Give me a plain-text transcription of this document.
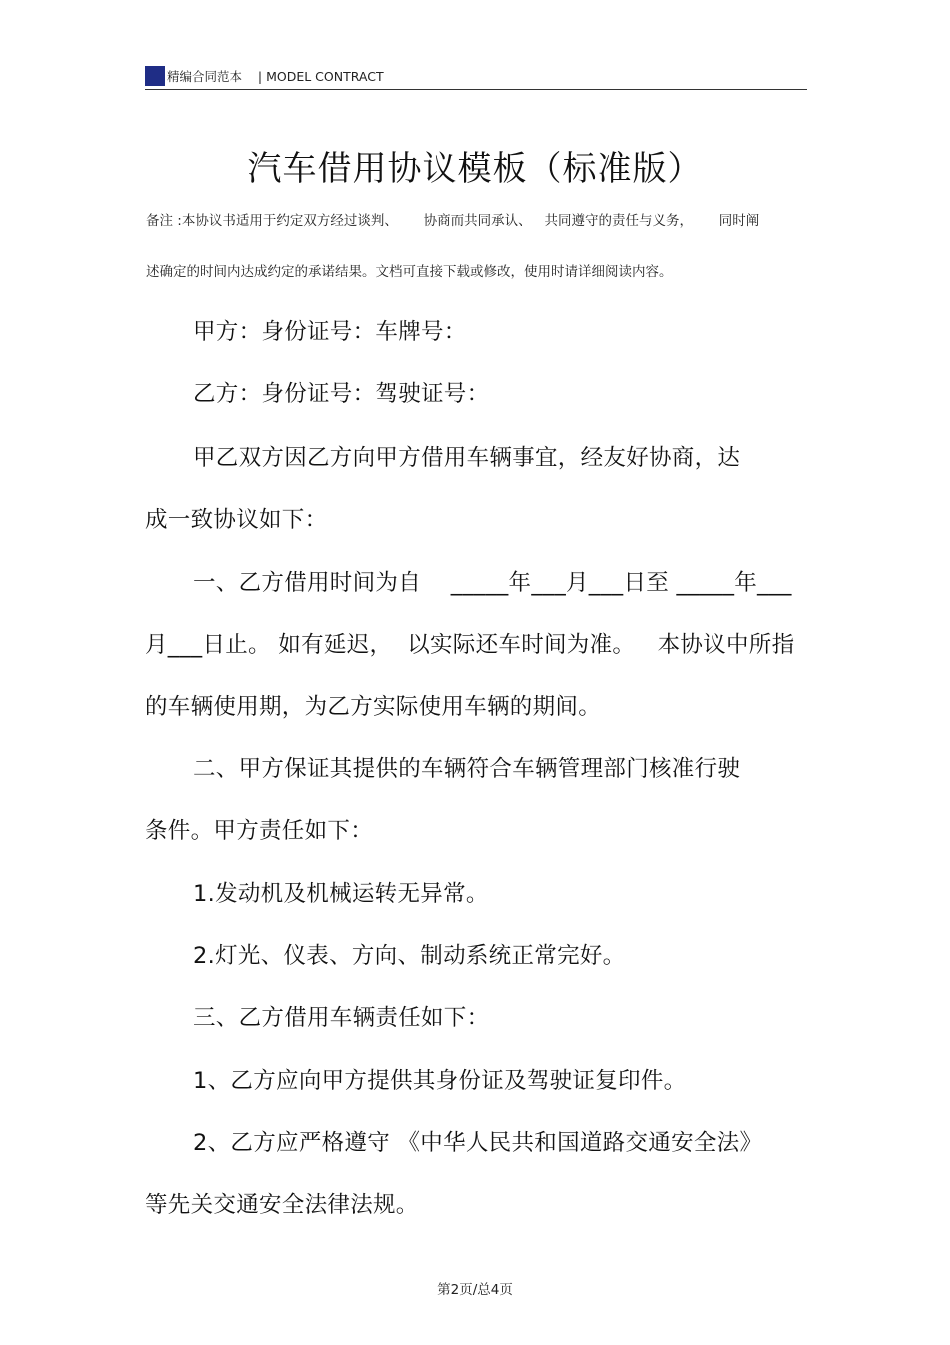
精编合同范本    | MODEL CONTRACT
汽车借用协议模板（标准版）
备注 :本协议书适用于约定双方经过谈判、      协商而共同承认、   共同遵守的责任与义务，      同时阐
述确定的时间内达成约定的承诺结果。文档可直接下载或修改，使用时请详细阅读内容。
甲方：身份证号：车牌号：
乙方：身份证号：驾驶证号：
甲乙双方因乙方向甲方借用车辆事宜，经友好协商，达
成一致协议如下：
一、乙方借用时间为自    _____年___月___日至 _____年___
月___日止。 如有延迟，  以实际还车时间为准。   本协议中所指
的车辆使用期，为乙方实际使用车辆的期间。
二、甲方保证其提供的车辆符合车辆管理部门核准行驶
条件。甲方责任如下：
1.发动机及机械运转无异常。
2.灯光、仪表、方向、制动系统正常完好。
三、乙方借用车辆责任如下：
1、乙方应向甲方提供其身份证及驾驶证复印件。
2、乙方应严格遵守 《中华人民共和国道路交通安全法》
等先关交通安全法律法规。
第2页/总4页
